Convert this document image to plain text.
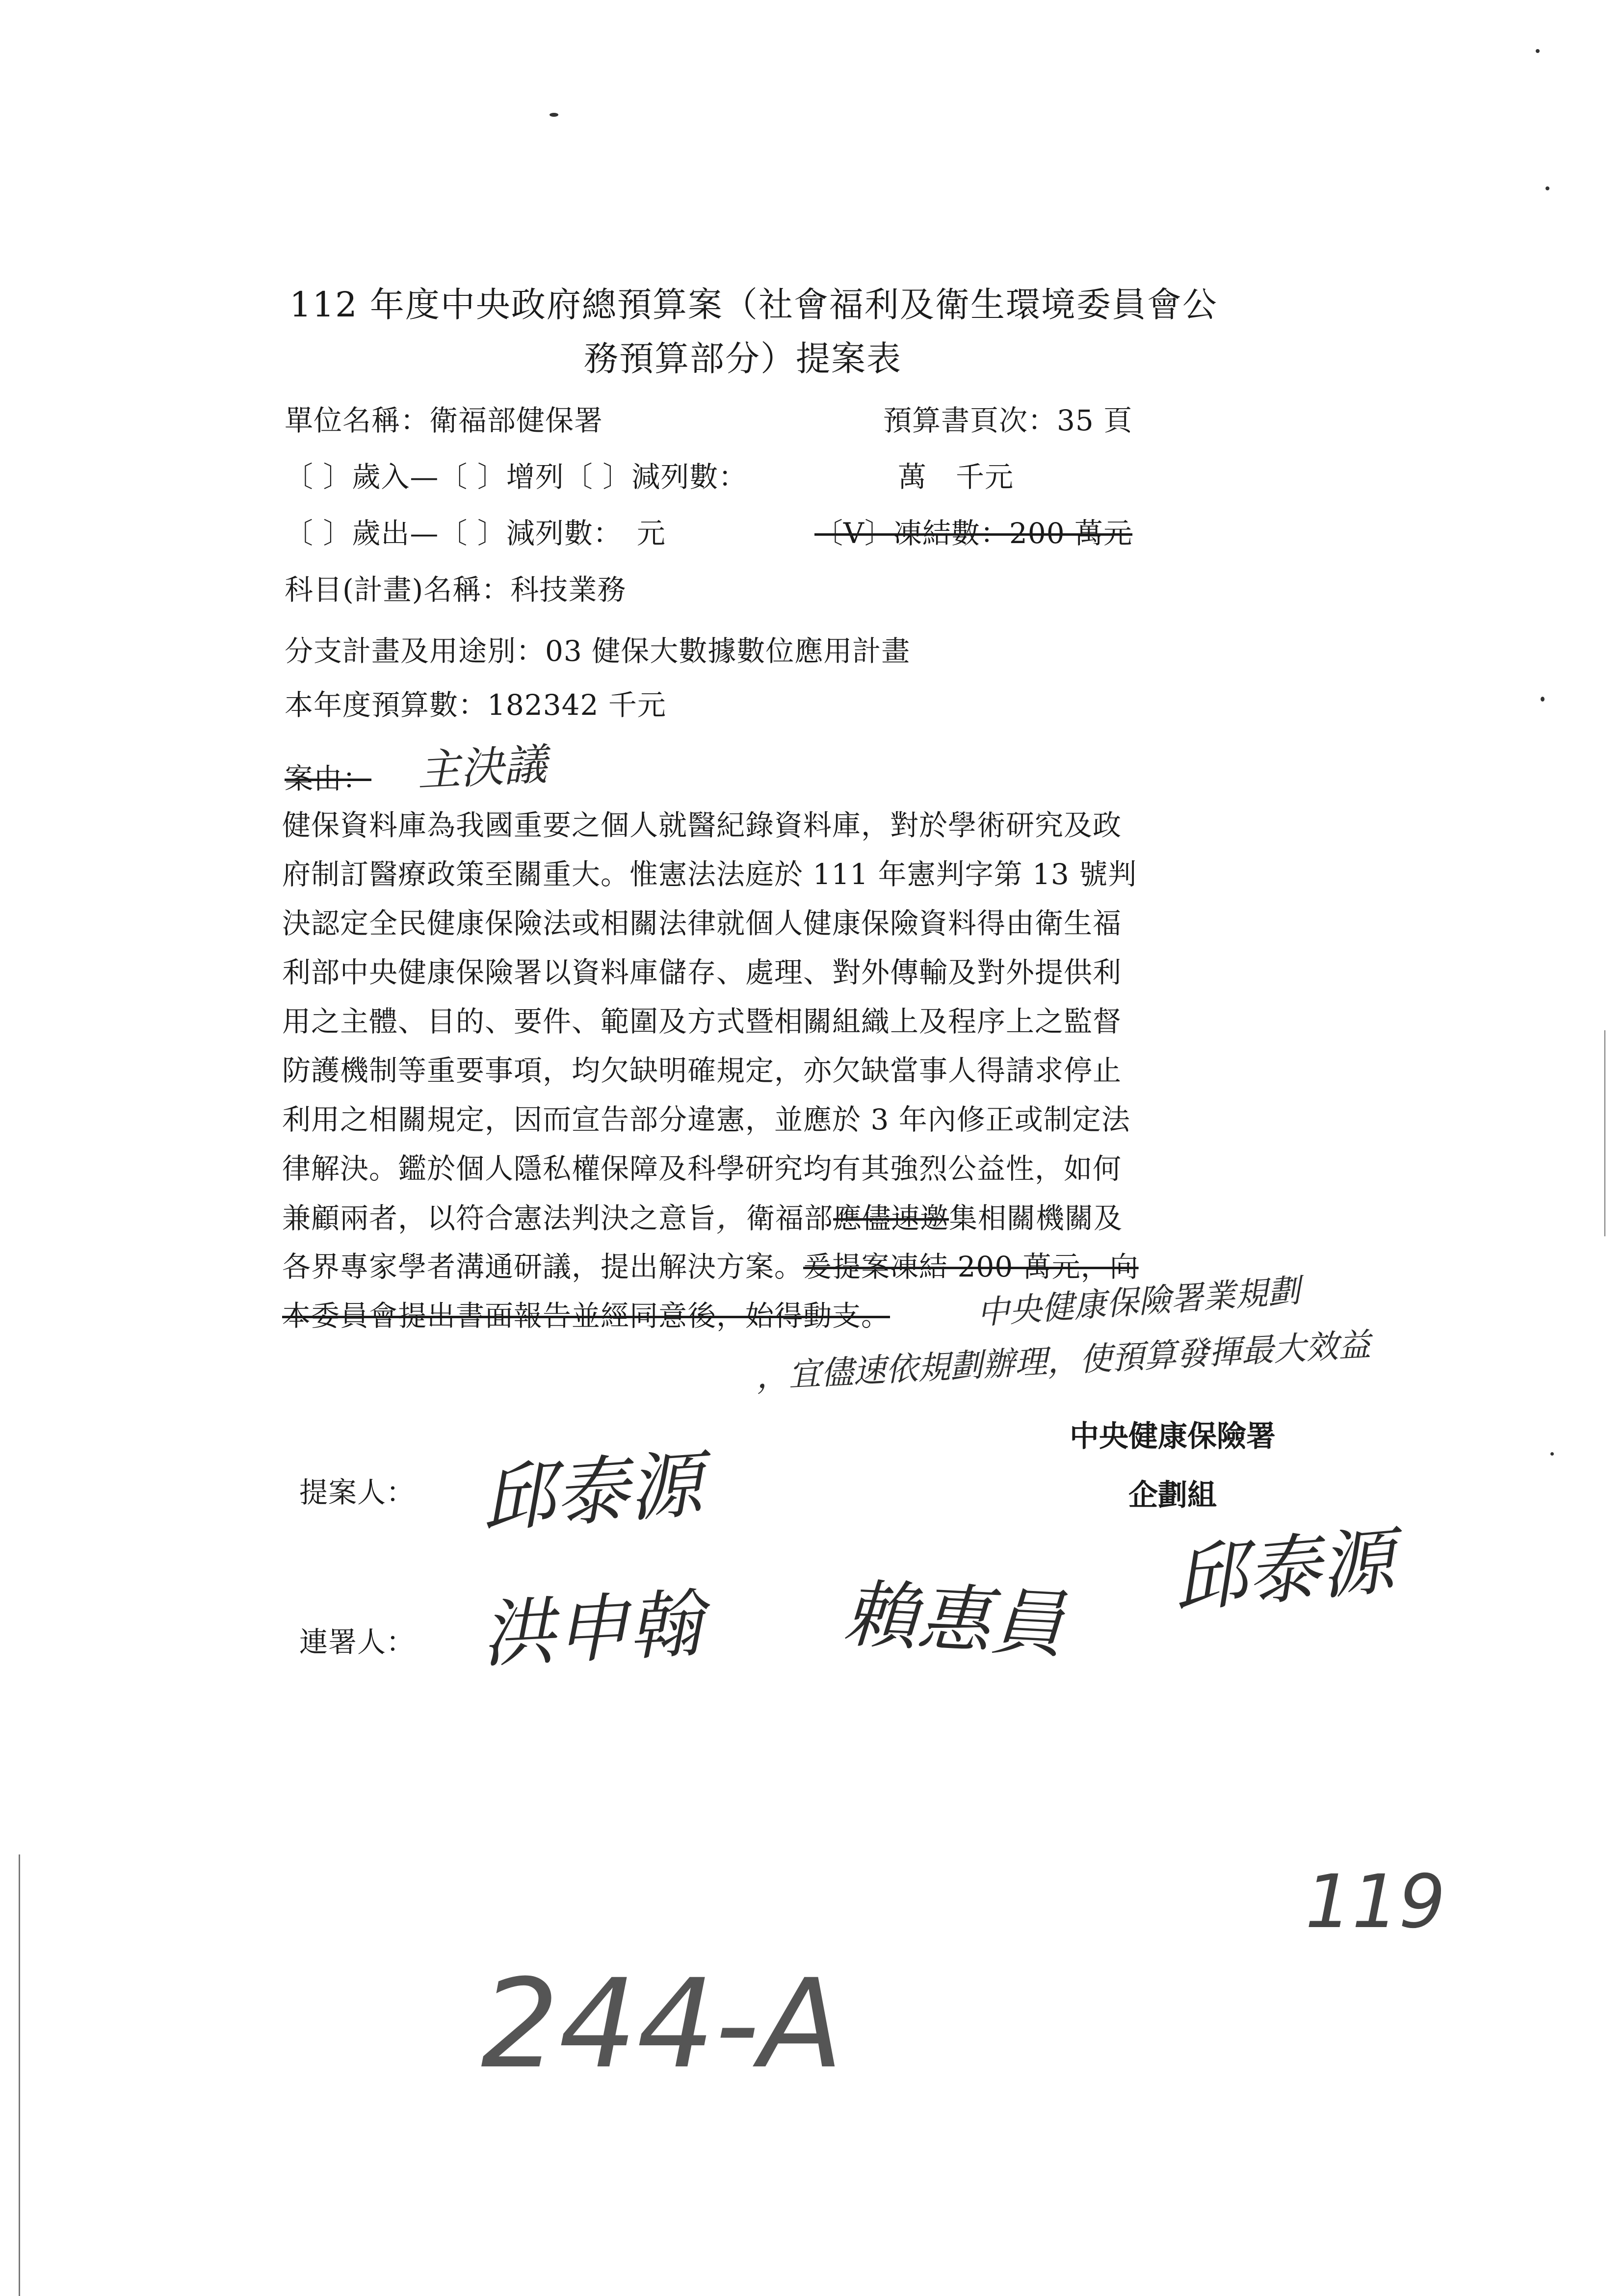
112 年度中央政府總預算案（社會福利及衛生環境委員會公
務預算部分）提案表
單位名稱：衛福部健保署	預算書頁次：35 頁
〔 〕歲入—〔 〕增列〔 〕減列數：	萬　千元
〔 〕歲出—〔 〕減列數：　元	〔V〕凍結數：200 萬元
科目(計畫)名稱：科技業務
分支計畫及用途別：03 健保大數據數位應用計畫
本年度預算數：182342 千元
案由： 主決議
健保資料庫為我國重要之個人就醫紀錄資料庫，對於學術研究及政
府制訂醫療政策至關重大。惟憲法法庭於 111 年憲判字第 13 號判
決認定全民健康保險法或相關法律就個人健康保險資料得由衛生福
利部中央健康保險署以資料庫儲存、處理、對外傳輸及對外提供利
用之主體、目的、要件、範圍及方式暨相關組織上及程序上之監督
防護機制等重要事項，均欠缺明確規定，亦欠缺當事人得請求停止
利用之相關規定，因而宣告部分違憲，並應於 3 年內修正或制定法
律解決。鑑於個人隱私權保障及科學研究均有其強烈公益性，如何
兼顧兩者，以符合憲法判決之意旨，衛福部應儘速邀集相關機關及
各界專家學者溝通研議，提出解決方案。爰提案凍結 200 萬元，向
本委員會提出書面報告並經同意後，始得動支。	中央健康保險署業規劃
，宜儘速依規劃辦理，使預算發揮最大效益
中央健康保險署
企劃組
提案人： 邱泰源
連署人： 洪申翰 賴惠員 邱泰源
244-A
119
